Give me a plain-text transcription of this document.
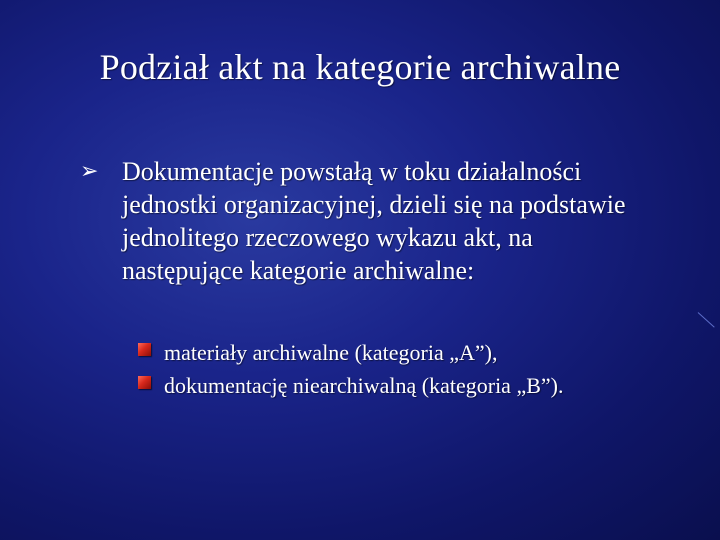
Podział akt na kategorie archiwalne
➢ Dokumentacje powstałą w toku działalności
jednostki organizacyjnej, dzieli się na podstawie
jednolitego rzeczowego wykazu akt, na
następujące kategorie archiwalne:
materiały archiwalne (kategoria „A”),
dokumentację niearchiwalną (kategoria „B”).
